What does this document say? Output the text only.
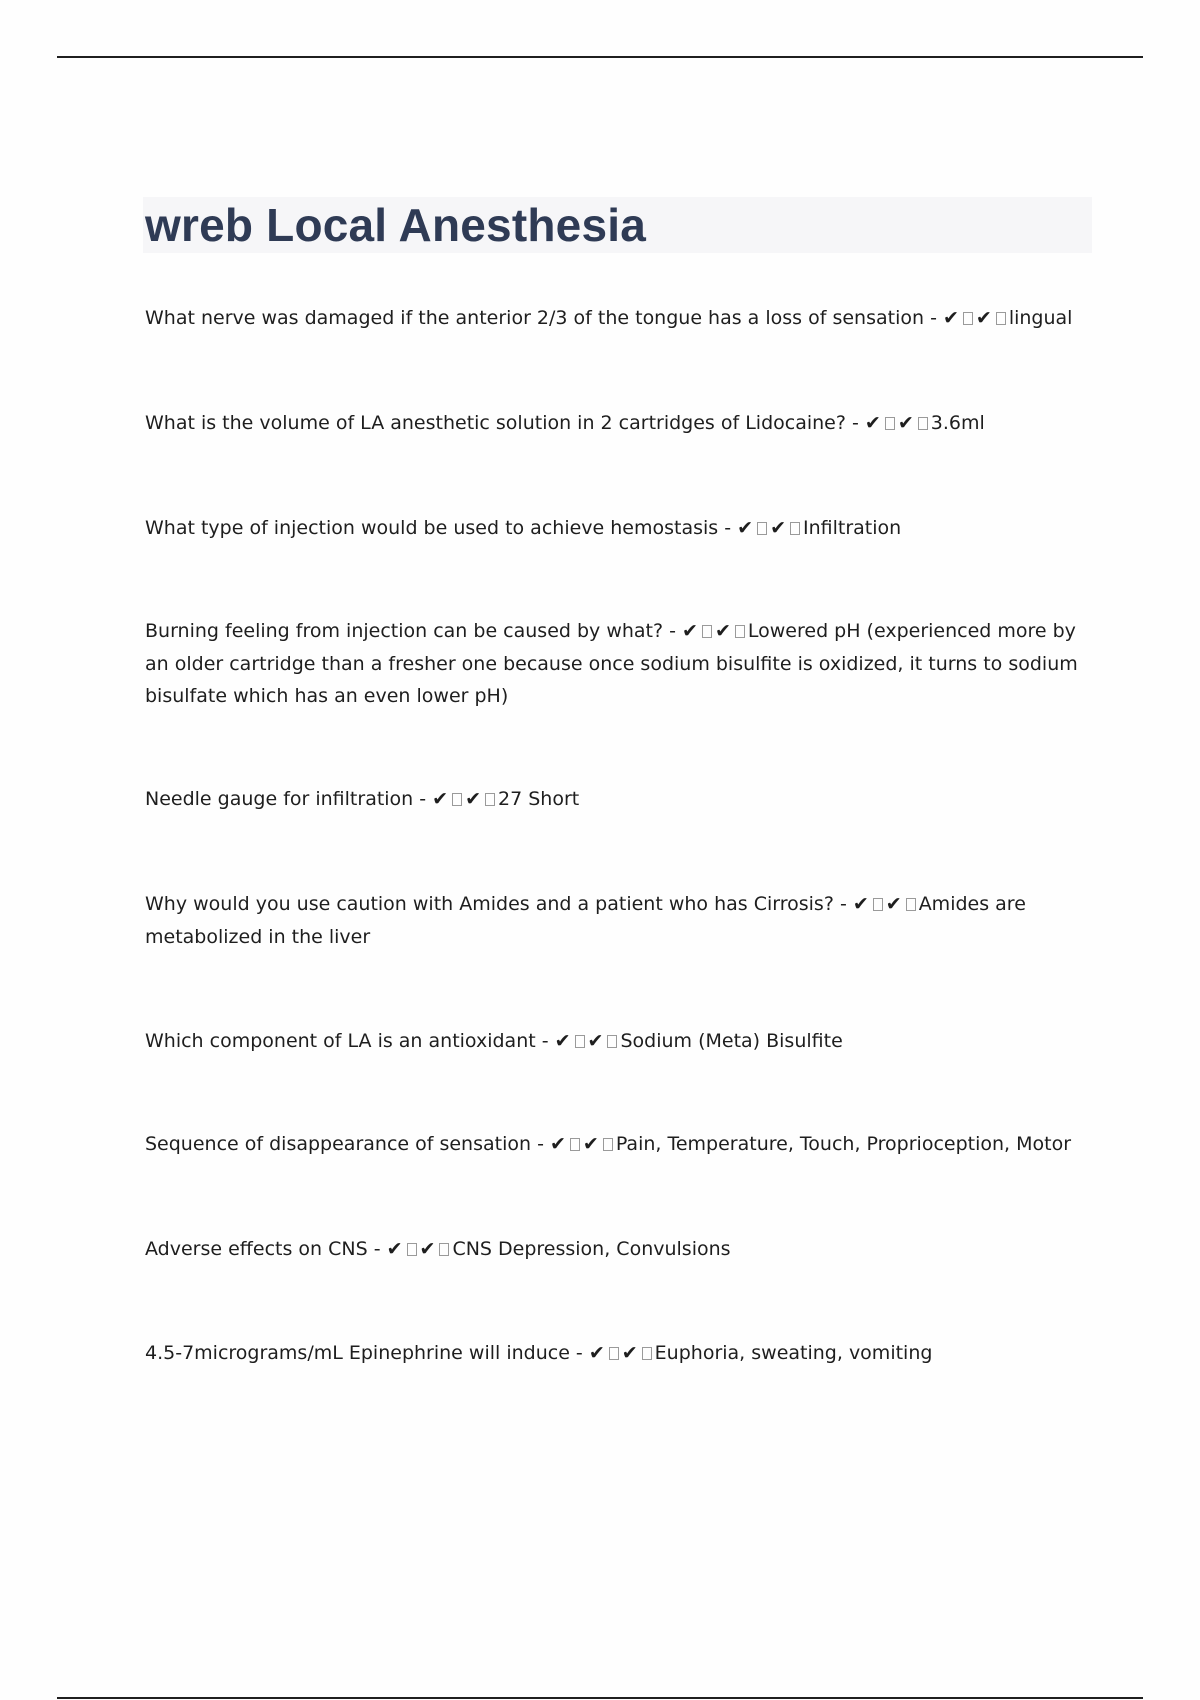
wreb Local Anesthesia

What nerve was damaged if the anterior 2/3 of the tongue has a loss of sensation - ✔ ✔ lingual

What is the volume of LA anesthetic solution in 2 cartridges of Lidocaine? - ✔ ✔ 3.6ml

What type of injection would be used to achieve hemostasis - ✔ ✔ Infiltration

Burning feeling from injection can be caused by what? - ✔ ✔ Lowered pH (experienced more by an older cartridge than a fresher one because once sodium bisulfite is oxidized, it turns to sodium bisulfate which has an even lower pH)

Needle gauge for infiltration - ✔ ✔ 27 Short

Why would you use caution with Amides and a patient who has Cirrosis? - ✔ ✔ Amides are metabolized in the liver

Which component of LA is an antioxidant - ✔ ✔ Sodium (Meta) Bisulfite

Sequence of disappearance of sensation - ✔ ✔ Pain, Temperature, Touch, Proprioception, Motor

Adverse effects on CNS - ✔ ✔ CNS Depression, Convulsions

4.5-7micrograms/mL Epinephrine will induce - ✔ ✔ Euphoria, sweating, vomiting
